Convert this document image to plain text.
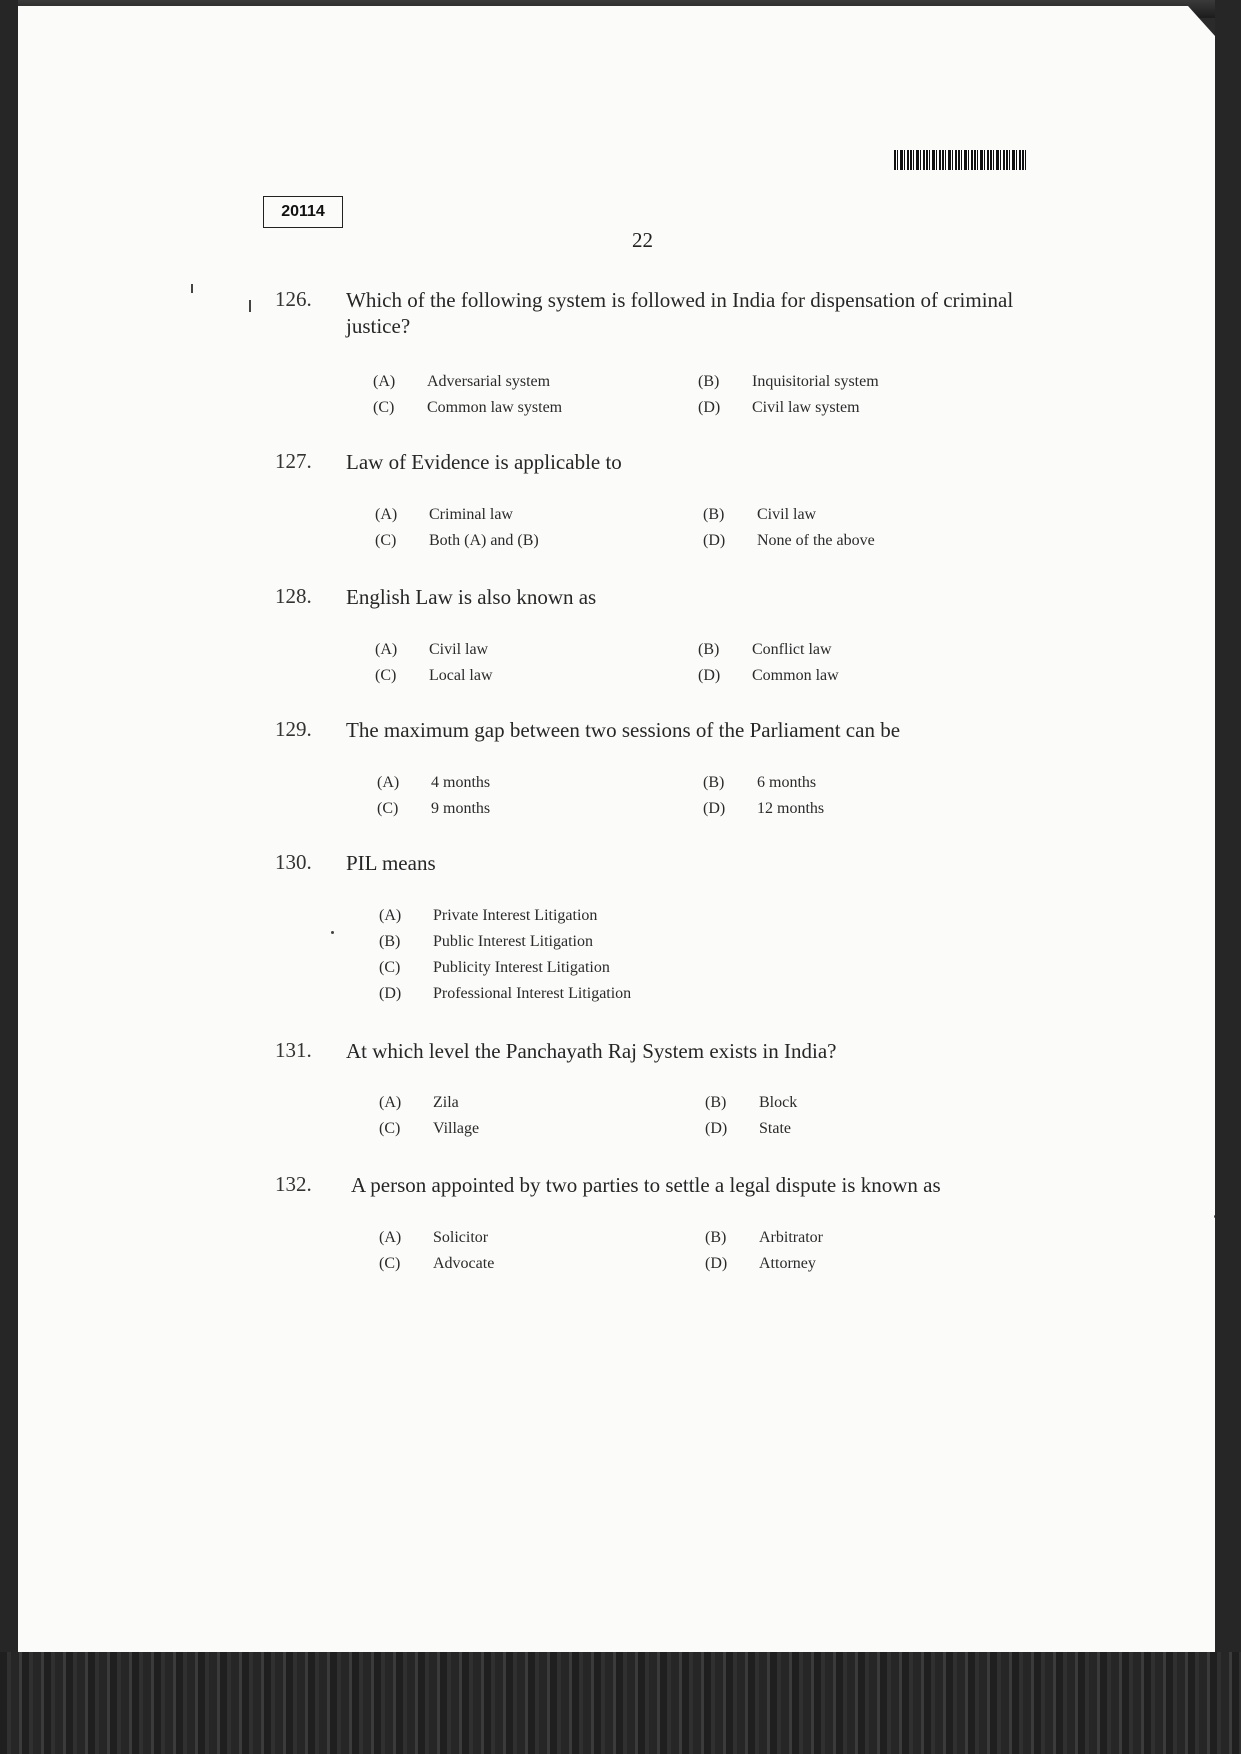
20114
22
126. Which of the following system is followed in India for dispensation of criminal justice?
(A) Adversarial system	(B) Inquisitorial system
(C) Common law system	(D) Civil law system
127. Law of Evidence is applicable to
(A) Criminal law	(B) Civil law
(C) Both (A) and (B)	(D) None of the above
128. English Law is also known as
(A) Civil law	(B) Conflict law
(C) Local law	(D) Common law
129. The maximum gap between two sessions of the Parliament can be
(A) 4 months	(B) 6 months
(C) 9 months	(D) 12 months
130. PIL means
(A) Private Interest Litigation
(B) Public Interest Litigation
(C) Publicity Interest Litigation
(D) Professional Interest Litigation
131. At which level the Panchayath Raj System exists in India?
(A) Zila	(B) Block
(C) Village	(D) State
132. A person appointed by two parties to settle a legal dispute is known as
(A) Solicitor	(B) Arbitrator
(C) Advocate	(D) Attorney
